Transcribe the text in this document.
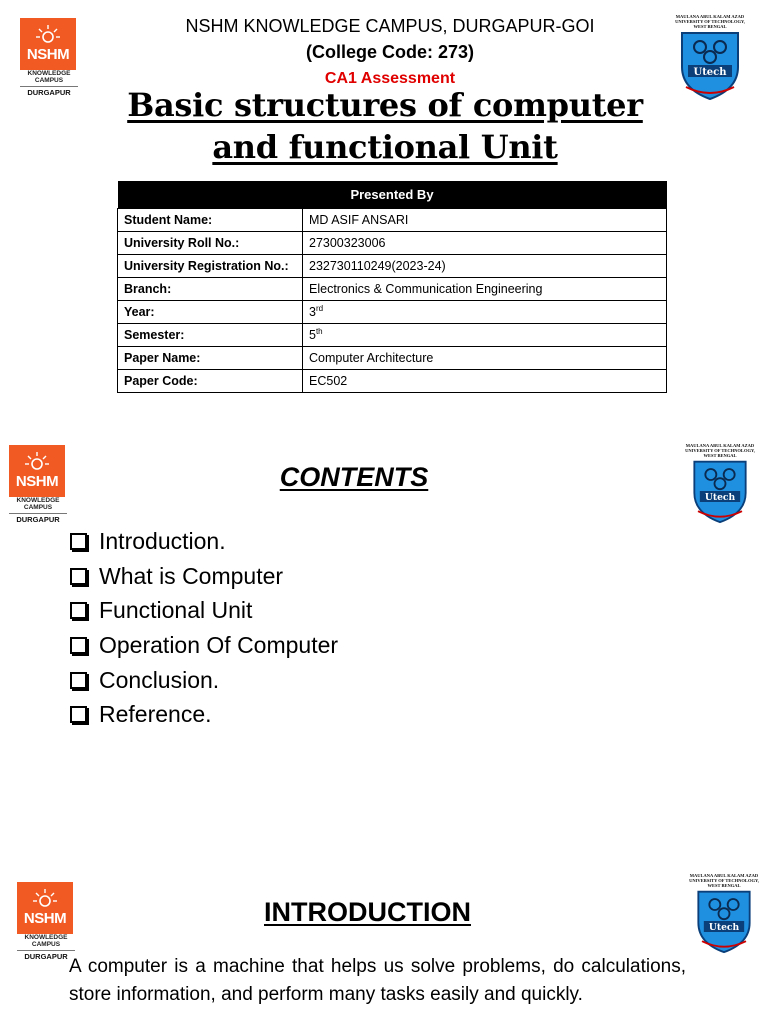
NSHM
KNOWLEDGE
CAMPUS
DURGAPUR
MAULANA ABUL KALAM AZAD UNIVERSITY OF TECHNOLOGY, WEST BENGAL
Utech
NSHM KNOWLEDGE CAMPUS, DURGAPUR-GOI
(College Code: 273)
CA1 Assessment
Basic structures of computer
and functional Unit
Presented By	
Student Name:	MD ASIF ANSARI
University Roll No.:	27300323006
University Registration No.:	232730110249(2023-24)
Branch:	Electronics & Communication Engineering
Year:	3rd
Semester:	5th
Paper Name:	Computer Architecture
Paper Code:	EC502
NSHM
KNOWLEDGE
CAMPUS
DURGAPUR
MAULANA ABUL KALAM AZAD UNIVERSITY OF TECHNOLOGY, WEST BENGAL
Utech
CONTENTS
Introduction.
What is Computer
Functional Unit
Operation Of Computer
Conclusion.
Reference.
NSHM
KNOWLEDGE
CAMPUS
DURGAPUR
MAULANA ABUL KALAM AZAD UNIVERSITY OF TECHNOLOGY, WEST BENGAL
Utech
INTRODUCTION
A computer is a machine that helps us solve problems, do calculations, store information, and perform many tasks easily and quickly.
